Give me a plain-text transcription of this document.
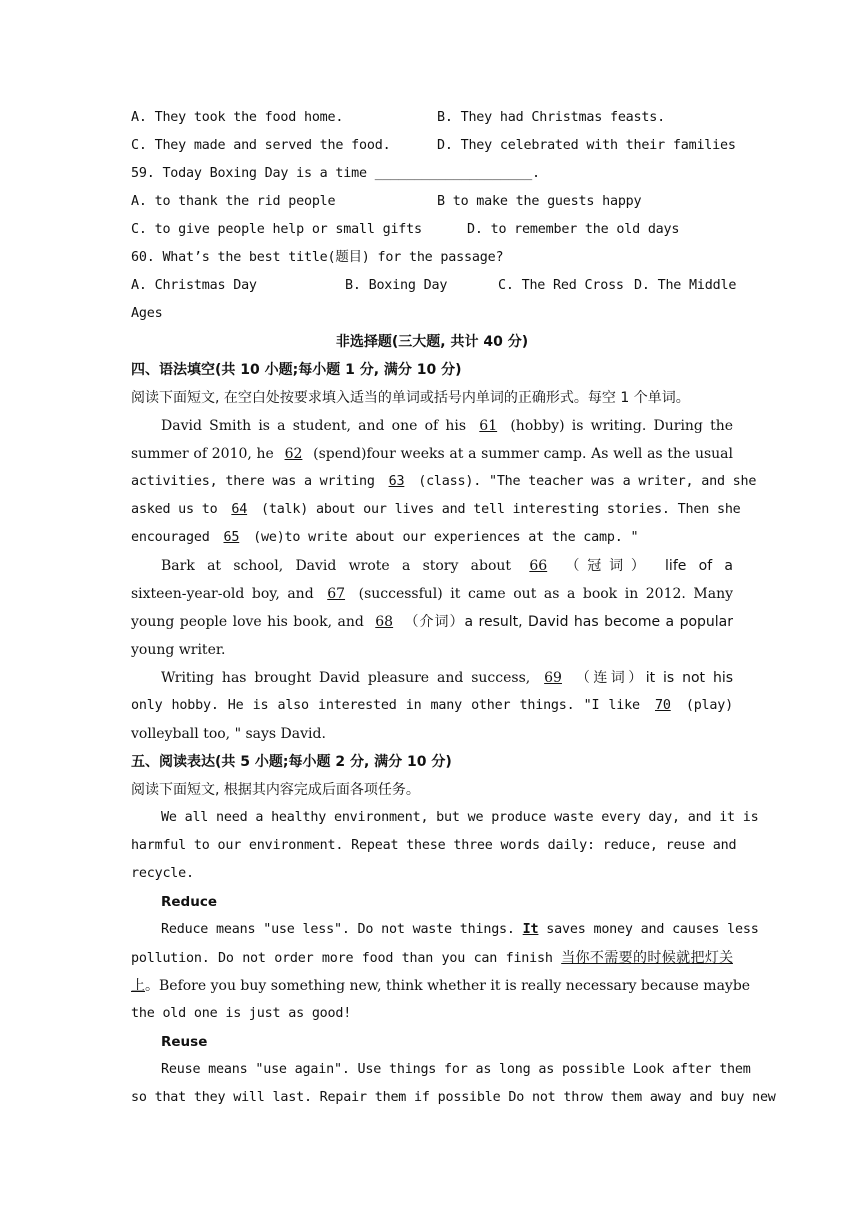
A. They took the food home.	B. They had Christmas feasts.
C. They made and served the food.	D. They celebrated with their families
59. Today Boxing Day is a time ____________________.
A. to thank the rid people	B to make the guests happy
C. to give people help or small gifts	D. to remember the old days
60. What’s the best title(题目) for the passage?
A. Christmas Day	B. Boxing Day	C. The Red Cross D. The Middle
Ages
非选择题(三大题, 共计 40 分)
四、语法填空(共 10 小题;每小题 1 分, 满分 10 分)
阅读下面短文, 在空白处按要求填入适当的单词或括号内单词的正确形式。每空 1 个单词。
David Smith is a student, and one of his 61 (hobby) is writing. During the
summer of 2010, he 62 (spend)four weeks at a summer camp. As well as the usual
activities, there was a writing 63 (class). "The teacher was a writer, and she
asked us to 64 (talk) about our lives and tell interesting stories. Then she
encouraged 65 (we)to write about our experiences at the camp. "
Bark at school, David wrote a story about 66 （冠词） life of a
sixteen-year-old boy, and 67 (successful) it came out as a book in 2012. Many
young people love his book, and 68 （介词）a result, David has become a popular
young writer.
Writing has brought David pleasure and success, 69 （连词）it is not his
only hobby. He is also interested in many other things. "I like 70 (play)
volleyball too, " says David.
五、阅读表达(共 5 小题;每小题 2 分, 满分 10 分)
阅读下面短文, 根据其内容完成后面各项任务。
We all need a healthy environment, but we produce waste every day, and it is
harmful to our environment. Repeat these three words daily: reduce, reuse and
recycle.
Reduce
Reduce means "use less". Do not waste things. It saves money and causes less
pollution. Do not order more food than you can finish 当你不需要的时候就把灯关
上。Before you buy something new, think whether it is really necessary because maybe
the old one is just as good!
Reuse
Reuse means "use again". Use things for as long as possible Look after them
so that they will last. Repair them if possible Do not throw them away and buy new
